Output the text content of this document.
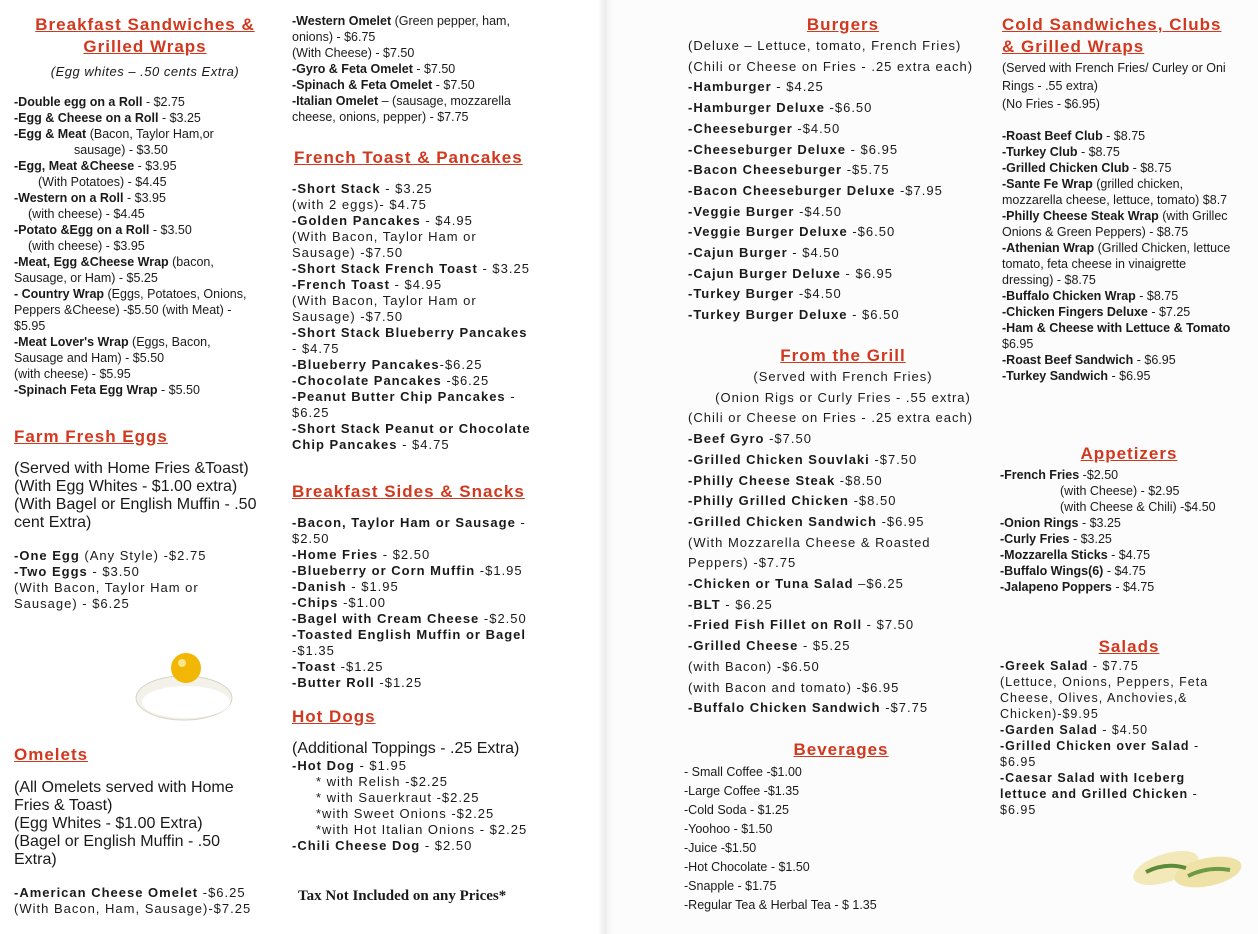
Breakfast Sandwiches &
Grilled Wraps
(Egg whites – .50 cents Extra)
-Double egg on a Roll - $2.75
-Egg & Cheese on a Roll - $3.25
-Egg & Meat (Bacon, Taylor Ham,or
sausage) - $3.50
-Egg, Meat &Cheese - $3.95
(With Potatoes) - $4.45
-Western on a Roll - $3.95
(with cheese) - $4.45
-Potato &Egg on a Roll - $3.50
(with cheese) - $3.95
-Meat, Egg &Cheese Wrap (bacon,
Sausage, or Ham) - $5.25
- Country Wrap (Eggs, Potatoes, Onions,
Peppers &Cheese) -$5.50 (with Meat) -
$5.95
-Meat Lover's Wrap (Eggs, Bacon,
Sausage and Ham) - $5.50
(with cheese) - $5.95
-Spinach Feta Egg Wrap - $5.50
Farm Fresh Eggs
(Served with Home Fries &Toast)
(With Egg Whites - $1.00 extra)
(With Bagel or English Muffin - .50
cent Extra)
-One Egg (Any Style) -$2.75
-Two Eggs - $3.50
(With Bacon, Taylor Ham or
Sausage) - $6.25
Omelets
(All Omelets served with Home
Fries & Toast)
(Egg Whites - $1.00 Extra)
(Bagel or English Muffin - .50
Extra)
-American Cheese Omelet -$6.25
(With Bacon, Ham, Sausage)-$7.25
-Western Omelet (Green pepper, ham,
onions) - $6.75
(With Cheese) - $7.50
-Gyro & Feta Omelet - $7.50
-Spinach & Feta Omelet - $7.50
-Italian Omelet – (sausage, mozzarella
cheese, onions, pepper) - $7.75
French Toast & Pancakes
-Short Stack - $3.25
(with 2 eggs)- $4.75
-Golden Pancakes - $4.95
(With Bacon, Taylor Ham or
Sausage) -$7.50
-Short Stack French Toast - $3.25
-French Toast - $4.95
(With Bacon, Taylor Ham or
Sausage) -$7.50
-Short Stack Blueberry Pancakes
- $4.75
-Blueberry Pancakes-$6.25
-Chocolate Pancakes -$6.25
-Peanut Butter Chip Pancakes -
$6.25
-Short Stack Peanut or Chocolate
Chip Pancakes - $4.75
Breakfast Sides & Snacks
-Bacon, Taylor Ham or Sausage -
$2.50
-Home Fries - $2.50
-Blueberry or Corn Muffin -$1.95
-Danish - $1.95
-Chips -$1.00
-Bagel with Cream Cheese -$2.50
-Toasted English Muffin or Bagel
-$1.35
-Toast -$1.25
-Butter Roll -$1.25
Hot Dogs
(Additional Toppings - .25 Extra)
-Hot Dog - $1.95
* with Relish -$2.25
* with Sauerkraut -$2.25
*with Sweet Onions -$2.25
*with Hot Italian Onions - $2.25
-Chili Cheese Dog - $2.50
Tax Not Included on any Prices*
Burgers
(Deluxe – Lettuce, tomato, French Fries)
(Chili or Cheese on Fries - .25 extra each)
-Hamburger - $4.25
-Hamburger Deluxe -$6.50
-Cheeseburger -$4.50
-Cheeseburger Deluxe - $6.95
-Bacon Cheeseburger -$5.75
-Bacon Cheeseburger Deluxe -$7.95
-Veggie Burger -$4.50
-Veggie Burger Deluxe -$6.50
-Cajun Burger - $4.50
-Cajun Burger Deluxe - $6.95
-Turkey Burger -$4.50
-Turkey Burger Deluxe - $6.50
From the Grill
(Served with French Fries)
(Onion Rigs or Curly Fries - .55 extra)
(Chili or Cheese on Fries - .25 extra each)
-Beef Gyro -$7.50
-Grilled Chicken Souvlaki -$7.50
-Philly Cheese Steak -$8.50
-Philly Grilled Chicken -$8.50
-Grilled Chicken Sandwich -$6.95
(With Mozzarella Cheese & Roasted
Peppers) -$7.75
-Chicken or Tuna Salad –$6.25
-BLT - $6.25
-Fried Fish Fillet on Roll - $7.50
-Grilled Cheese - $5.25
(with Bacon) -$6.50
(with Bacon and tomato) -$6.95
-Buffalo Chicken Sandwich -$7.75
Beverages
- Small Coffee -$1.00
-Large Coffee -$1.35
-Cold Soda - $1.25
-Yoohoo - $1.50
-Juice -$1.50
-Hot Chocolate - $1.50
-Snapple - $1.75
-Regular Tea & Herbal Tea - $ 1.35
Cold Sandwiches, Clubs
& Grilled Wraps
(Served with French Fries/ Curley or Oni
Rings - .55 extra)
(No Fries - $6.95)
-Roast Beef Club - $8.75
-Turkey Club - $8.75
-Grilled Chicken Club - $8.75
-Sante Fe Wrap (grilled chicken,
mozzarella cheese, lettuce, tomato) $8.7
-Philly Cheese Steak Wrap (with Grillec
Onions & Green Peppers) - $8.75
-Athenian Wrap (Grilled Chicken, lettuce
tomato, feta cheese in vinaigrette
dressing) - $8.75
-Buffalo Chicken Wrap - $8.75
-Chicken Fingers Deluxe - $7.25
-Ham & Cheese with Lettuce & Tomato
$6.95
-Roast Beef Sandwich - $6.95
-Turkey Sandwich - $6.95
Appetizers
-French Fries -$2.50
(with Cheese) - $2.95
(with Cheese & Chili) -$4.50
-Onion Rings - $3.25
-Curly Fries - $3.25
-Mozzarella Sticks - $4.75
-Buffalo Wings(6) - $4.75
-Jalapeno Poppers - $4.75
Salads
-Greek Salad - $7.75
(Lettuce, Onions, Peppers, Feta
Cheese, Olives, Anchovies,&
Chicken)-$9.95
-Garden Salad - $4.50
-Grilled Chicken over Salad -
$6.95
-Caesar Salad with Iceberg
lettuce and Grilled Chicken -
$6.95
